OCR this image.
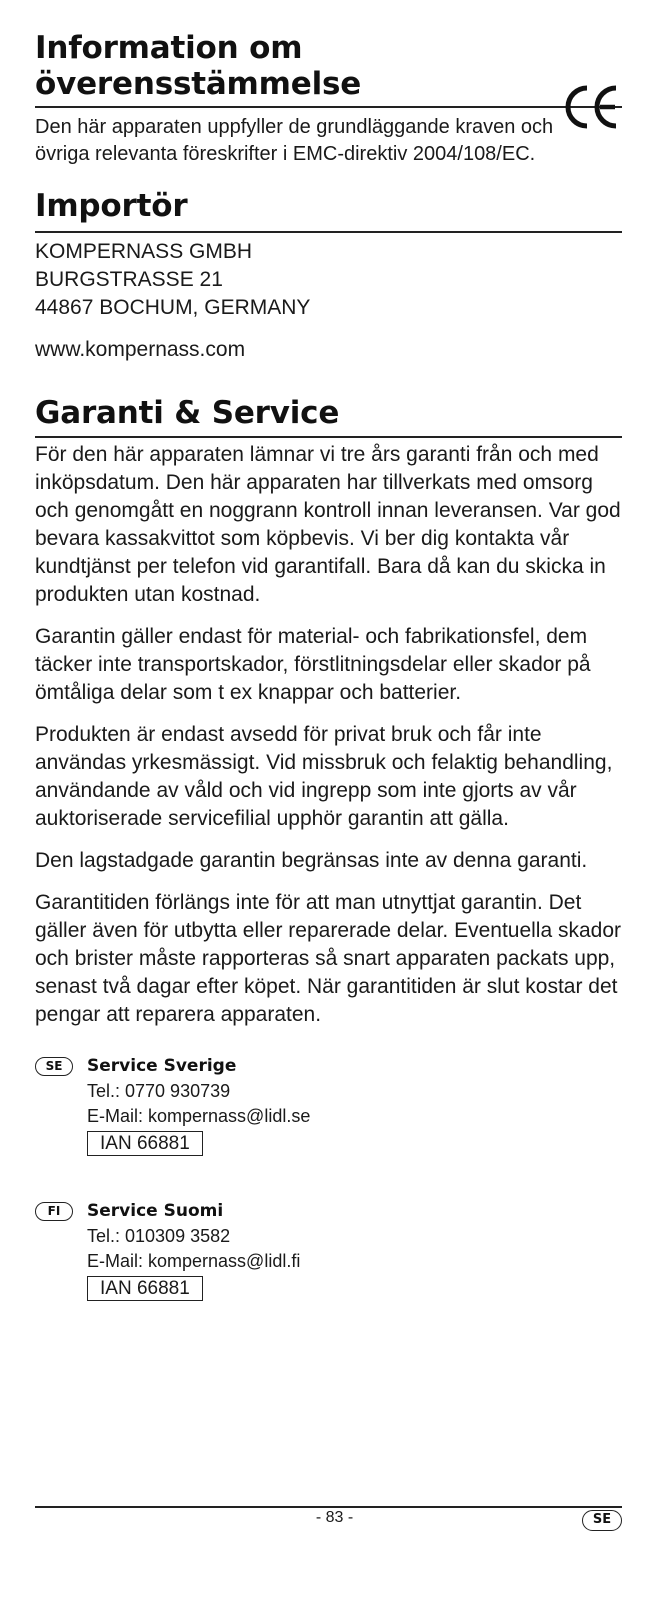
Information om överensstämmelse

Den här apparaten uppfyller de grundläggande kraven och övriga relevanta föreskrifter i EMC-direktiv 2004/108/EC.

Importör
KOMPERNASS GMBH
BURGSTRASSE 21
44867 BOCHUM, GERMANY
www.kompernass.com
Garanti & Service

För den här apparaten lämnar vi tre års garanti från och med inköpsdatum. Den här apparaten har tillverkats med omsorg och genomgått en noggrann kontroll innan leveransen. Var god bevara kassakvittot som köpbevis. Vi ber dig kontakta vår kundtjänst per telefon vid garantifall. Bara då kan du skicka in produkten utan kostnad.

Garantin gäller endast för material- och fabrikationsfel, dem täcker inte transportskador, förstlitningsdelar eller skador på ömtåliga delar som t ex knappar och batterier.

Produkten är endast avsedd för privat bruk och får inte användas yrkesmässigt. Vid missbruk och felaktig behandling, användande av våld och vid ingrepp som inte gjorts av vår auktoriserade servicefilial upphör garantin att gälla.

Den lagstadgade garantin begränsas inte av denna garanti.

Garantitiden förlängs inte för att man utnyttjat garantin. Det gäller även för utbytta eller reparerade delar. Eventuella skador och brister måste rapporteras så snart apparaten packats upp, senast två dagar efter köpet. När garantitiden är slut kostar det pengar att reparera apparaten.

SE	Service Sverige
Tel.: 0770 930739
E-Mail: kompernass@lidl.se
IAN 66881
FI	Service Suomi
Tel.: 010309 3582
E-Mail: kompernass@lidl.fi
IAN 66881
- 83 -	SE
